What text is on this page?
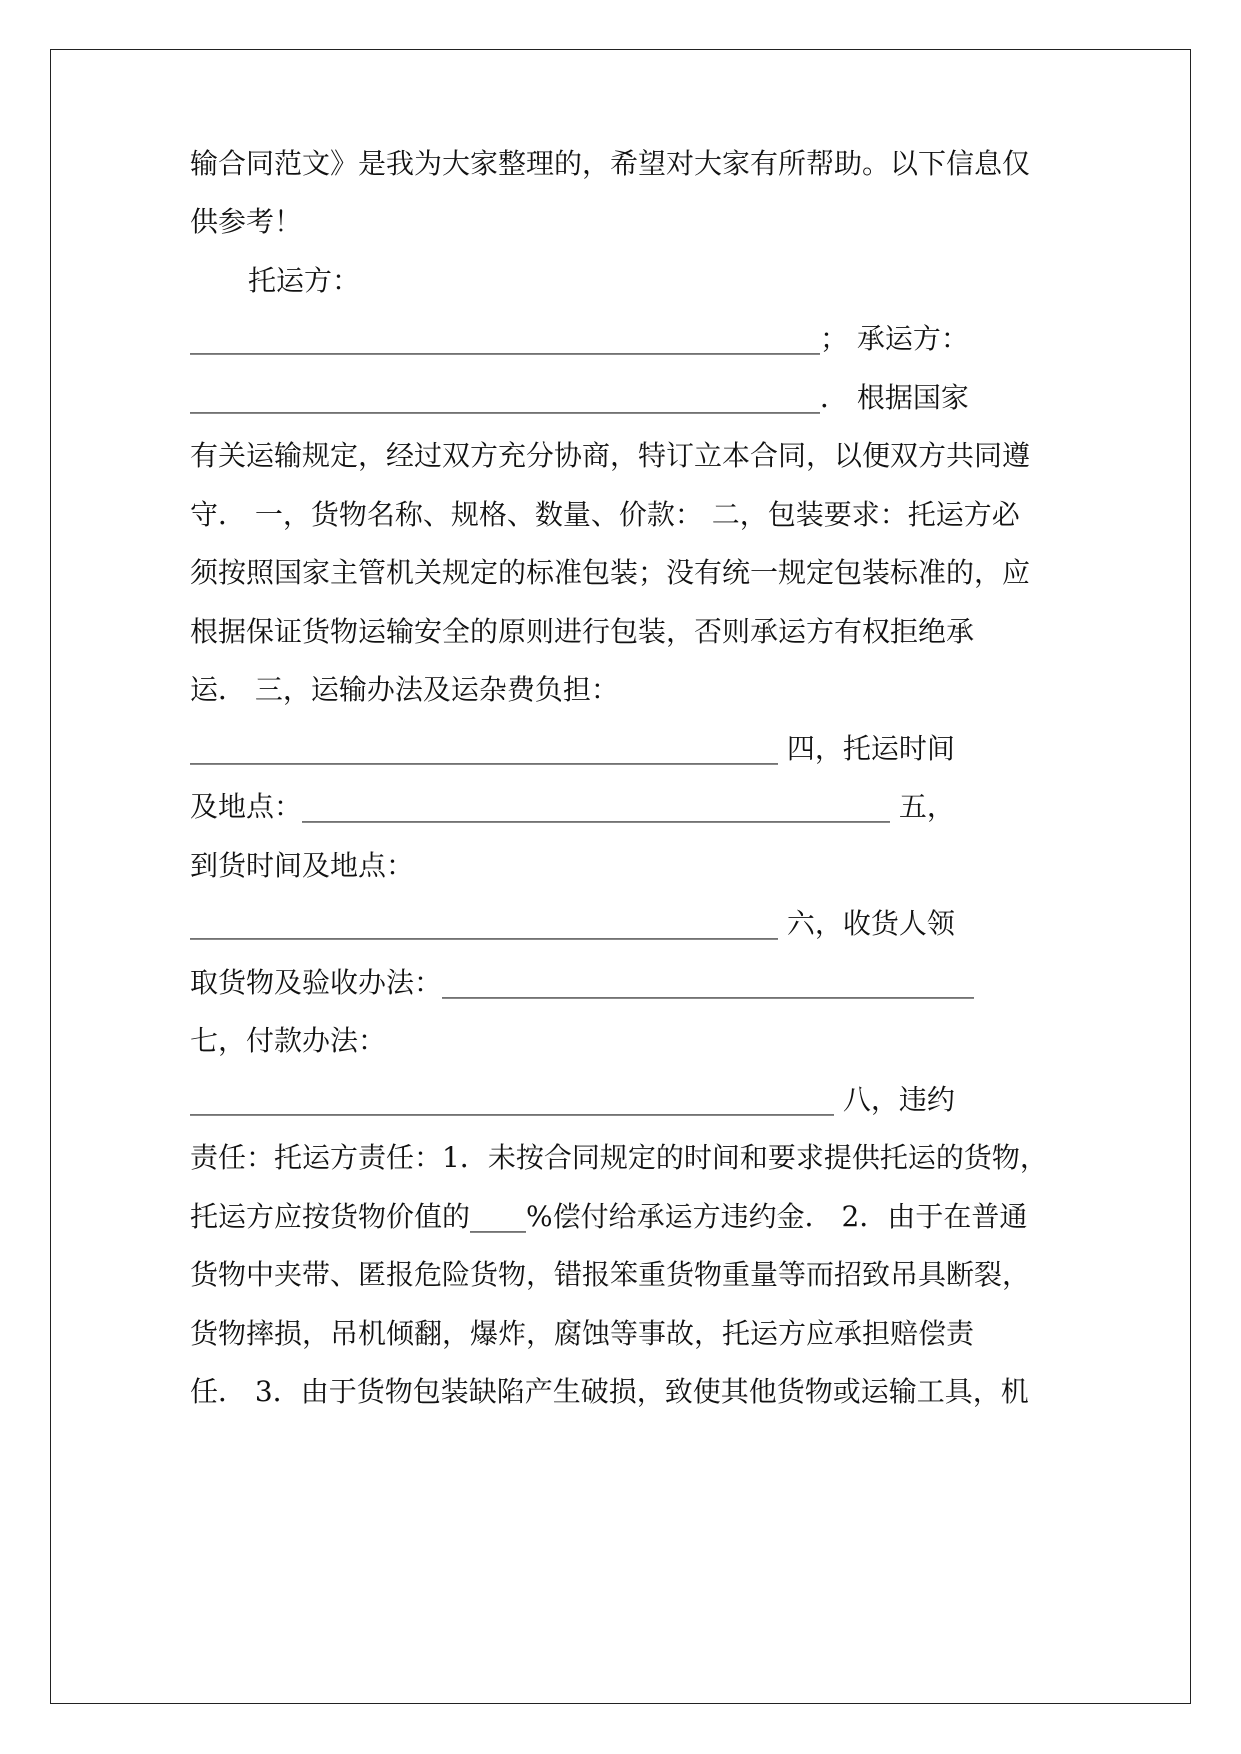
输合同范文》是我为大家整理的，希望对大家有所帮助。以下信息仅
供参考！
托运方：
_____________________________________________； 承运方：
_____________________________________________． 根据国家
有关运输规定，经过双方充分协商，特订立本合同，以便双方共同遵
守． 一，货物名称、规格、数量、价款： 二，包装要求：托运方必
须按照国家主管机关规定的标准包装；没有统一规定包装标准的，应
根据保证货物运输安全的原则进行包装，否则承运方有权拒绝承
运． 三，运输办法及运杂费负担：
__________________________________________ 四，托运时间
及地点：__________________________________________ 五，
到货时间及地点：
__________________________________________ 六，收货人领
取货物及验收办法：______________________________________
七，付款办法：
______________________________________________ 八，违约
责任：托运方责任：1．未按合同规定的时间和要求提供托运的货物，
托运方应按货物价值的____%偿付给承运方违约金． 2．由于在普通
货物中夹带、匿报危险货物，错报笨重货物重量等而招致吊具断裂，
货物摔损，吊机倾翻，爆炸，腐蚀等事故，托运方应承担赔偿责
任． 3．由于货物包装缺陷产生破损，致使其他货物或运输工具，机
